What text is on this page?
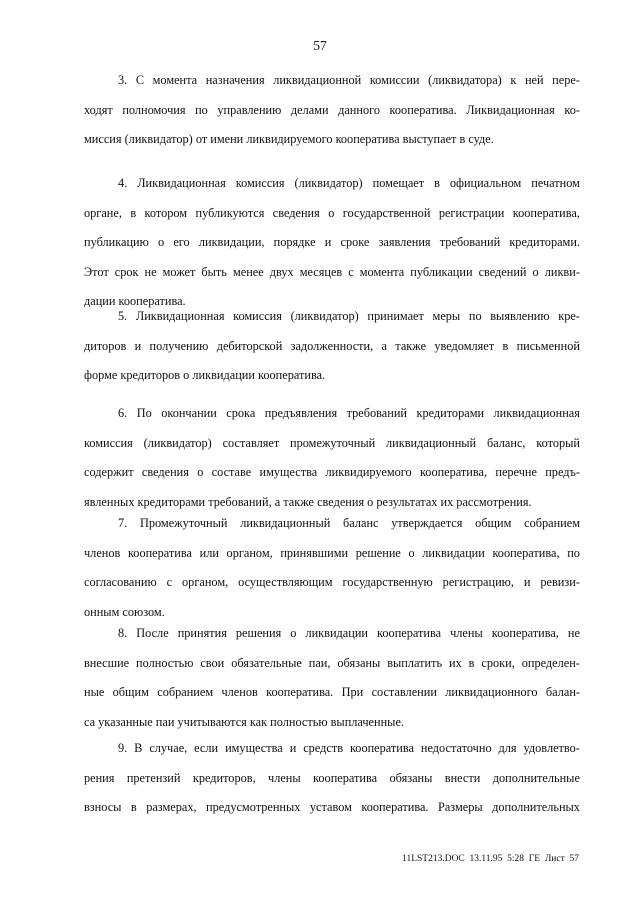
57
3. С момента назначения ликвидационной комиссии (ликвидатора) к ней пере-
ходят полномочия по управлению делами данного кооператива. Ликвидационная ко-
миссия (ликвидатор) от имени ликвидируемого кооператива выступает в суде.
4. Ликвидационная комиссия (ликвидатор) помещает в официальном печатном
органе, в котором публикуются сведения о государственной регистрации кооператива,
публикацию о его ликвидации, порядке и сроке заявления требований кредиторами.
Этот срок не может быть менее двух месяцев с момента публикации сведений о ликви-
дации кооператива.
5. Ликвидационная комиссия (ликвидатор) принимает меры по выявлению кре-
диторов и получению дебиторской задолженности, а также уведомляет в письменной
форме кредиторов о ликвидации кооператива.
6. По окончании срока предъявления требований кредиторами ликвидационная
комиссия (ликвидатор) составляет промежуточный ликвидационный баланс, который
содержит сведения о составе имущества ликвидируемого кооператива, перечне предъ-
явленных кредиторами требований, а также сведения о результатах их рассмотрения.
7. Промежуточный ликвидационный баланс утверждается общим собранием
членов кооператива или органом, принявшими решение о ликвидации кооператива, по
согласованию с органом, осуществляющим государственную регистрацию, и ревизи-
онным союзом.
8. После принятия решения о ликвидации кооператива члены кооператива, не
внесшие полностью свои обязательные паи, обязаны выплатить их в сроки, определен-
ные общим собранием членов кооператива. При составлении ликвидационного балан-
са указанные паи учитываются как полностью выплаченные.
9. В случае, если имущества и средств кооператива недостаточно для удовлетво-
рения претензий кредиторов, члены кооператива обязаны внести дополнительные
взносы в размерах, предусмотренных уставом кооператива. Размеры дополнительных
11LST213.DOC  13.11.95  5:28  ГЕ  Лист  57
